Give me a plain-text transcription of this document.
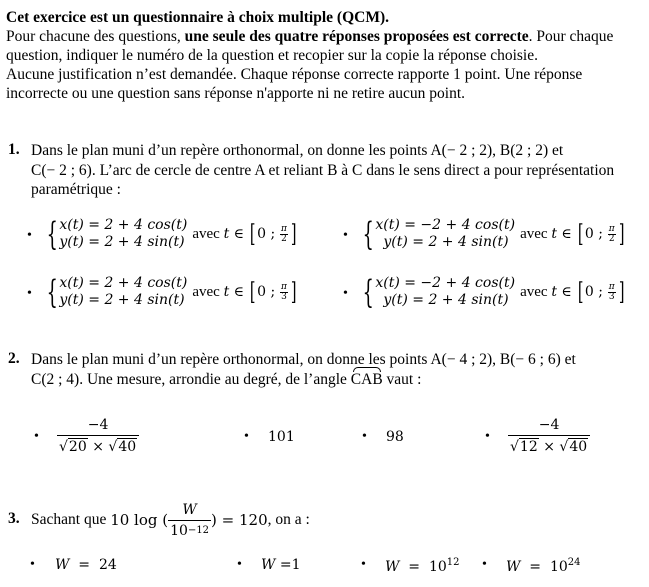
Cet exercice est un questionnaire à choix multiple (QCM).
Pour chacune des questions, une seule des quatre réponses proposées est correcte. Pour chaque
question, indiquer le numéro de la question et recopier sur la copie la réponse choisie.
Aucune justification n’est demandée. Chaque réponse correcte rapporte 1 point. Une réponse
incorrecte ou une question sans réponse n'apporte ni ne retire aucun point.
1. Dans le plan muni d’un repère orthonormal, on donne les points A(− 2 ; 2), B(2 ; 2) et
C(− 2 ; 6). L’arc de cercle de centre A et reliant B à C dans le sens direct a pour représentation
paramétrique :
• { x(t) = 2 + 4 cos(t)
y(t) = 2 + 4 sin(t)
avec
t ∈
[ 0 ;
π
2 ]	• { x(t) = −2 + 4 cos(t)
y(t) = 2 + 4 sin(t)
avec
t ∈
[ 0 ;
π
2 ]
• { x(t) = 2 + 4 cos(t)
y(t) = 2 + 4 sin(t)
avec
t ∈
[ 0 ;
π
3 ]	• { x(t) = −2 + 4 cos(t)
y(t) = 2 + 4 sin(t)
avec
t ∈
[ 0 ;
π
3 ]
2. Dans le plan muni d’un repère orthonormal, on donne les points A(− 4 ; 2), B(− 6 ; 6) et
C(2 ; 4). Une mesure, arrondie au degré, de l’angle CAB vaut :
• −4
√ 20
×
√ 40	• 101	• 98	• −4
√ 12
×
√ 40
3. Sachant que
10 log ( $\frac{W}{10 -12}$ ) = 120 , on a :
• W = 24	• W =1	• $W = 10^{12}$ • $W = 10^{24}$
